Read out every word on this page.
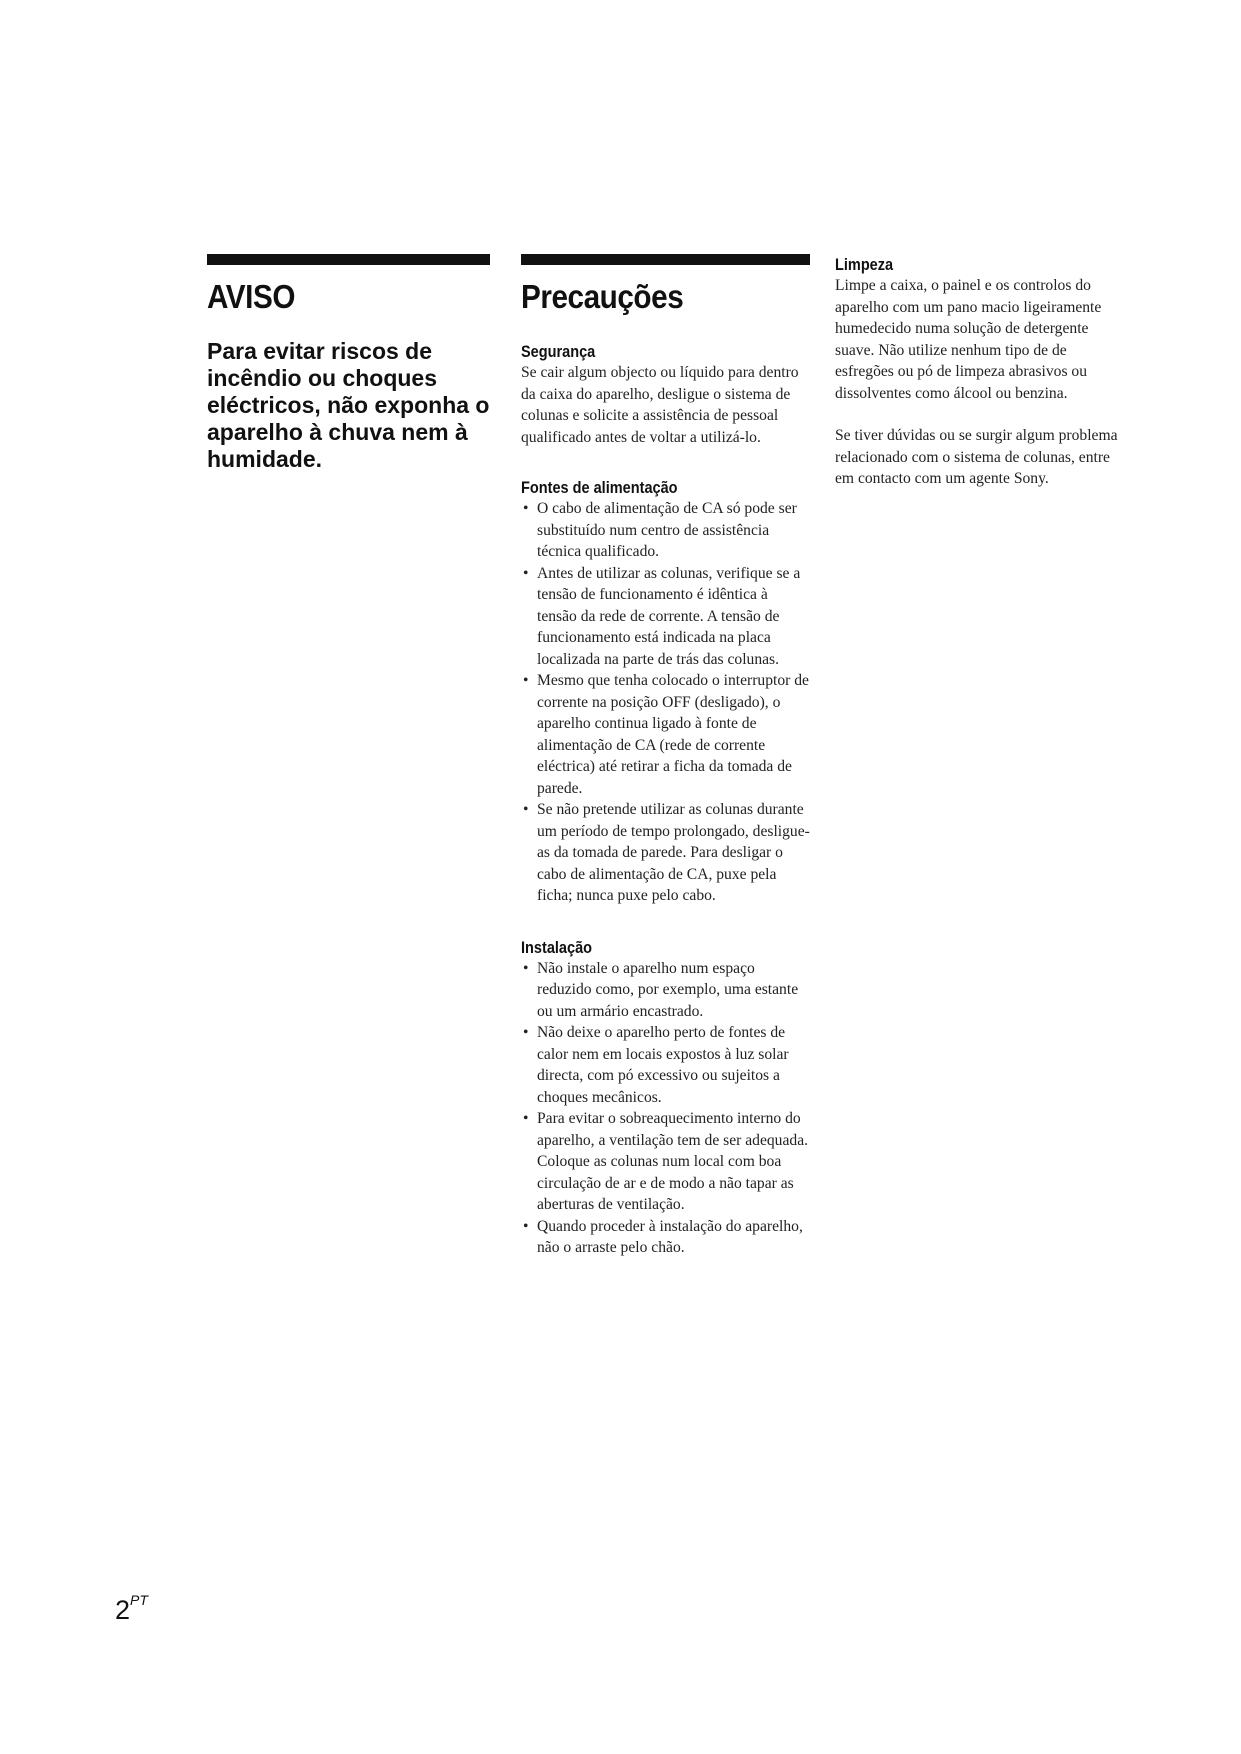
AVISO
Para evitar riscos de incêndio ou choques eléctricos, não exponha o aparelho à chuva nem à humidade.
Precauções
Segurança

Se cair algum objecto ou líquido para dentro da caixa do aparelho, desligue o sistema de colunas e solicite a assistência de pessoal qualificado antes de voltar a utilizá-lo.

Fontes de alimentação
• O cabo de alimentação de CA só pode ser substituído num centro de assistência técnica qualificado.
• Antes de utilizar as colunas, verifique se a tensão de funcionamento é idêntica à tensão da rede de corrente. A tensão de funcionamento está indicada na placa localizada na parte de trás das colunas.
• Mesmo que tenha colocado o interruptor de corrente na posição OFF (desligado), o aparelho continua ligado à fonte de alimentação de CA (rede de corrente eléctrica) até retirar a ficha da tomada de parede.
• Se não pretende utilizar as colunas durante um período de tempo prolongado, desligue-as da tomada de parede. Para desligar o cabo de alimentação de CA, puxe pela ficha; nunca puxe pelo cabo.
Instalação
• Não instale o aparelho num espaço reduzido como, por exemplo, uma estante ou um armário encastrado.
• Não deixe o aparelho perto de fontes de calor nem em locais expostos à luz solar directa, com pó excessivo ou sujeitos a choques mecânicos.
• Para evitar o sobreaquecimento interno do aparelho, a ventilação tem de ser adequada. Coloque as colunas num local com boa circulação de ar e de modo a não tapar as aberturas de ventilação.
• Quando proceder à instalação do aparelho, não o arraste pelo chão.
Limpeza

Limpe a caixa, o painel e os controlos do aparelho com um pano macio ligeiramente humedecido numa solução de detergente suave. Não utilize nenhum tipo de de esfregões ou pó de limpeza abrasivos ou dissolventes como álcool ou benzina.

Se tiver dúvidas ou se surgir algum problema relacionado com o sistema de colunas, entre em contacto com um agente Sony.

$2^{PT}$
